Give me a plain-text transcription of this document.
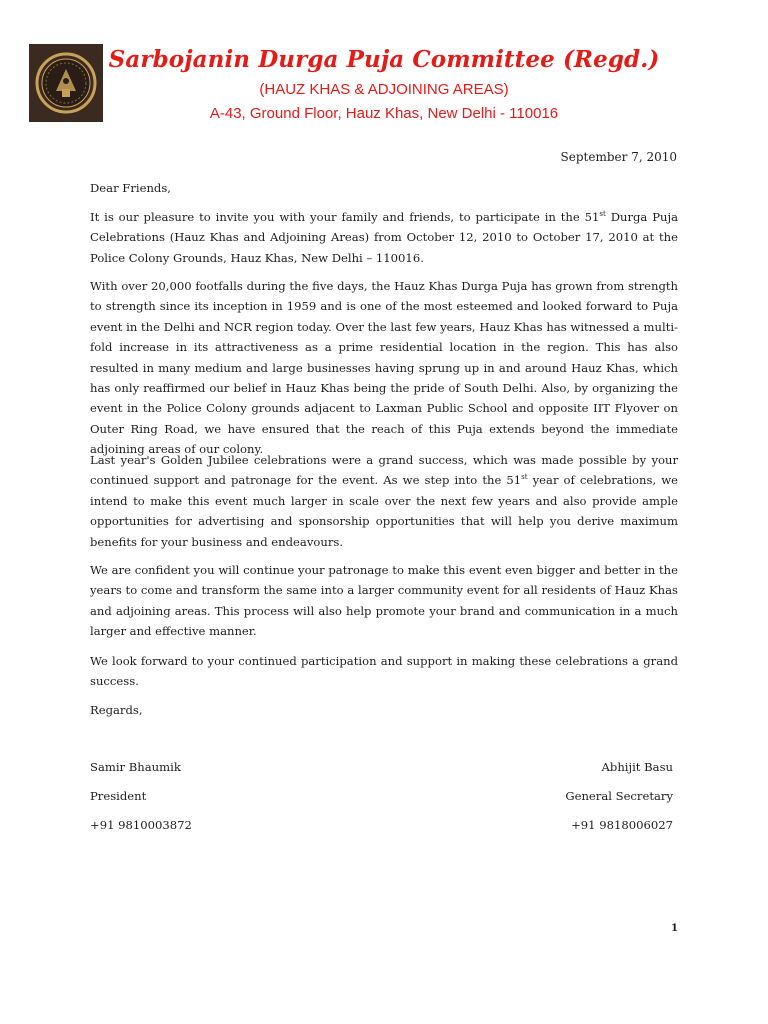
Sarbojanin Durga Puja Committee (Regd.)
(HAUZ KHAS & ADJOINING AREAS)
A-43, Ground Floor, Hauz Khas, New Delhi - 110016
September 7, 2010

Dear Friends,

It is our pleasure to invite you with your family and friends, to participate in the 51st Durga Puja Celebrations (Hauz Khas and Adjoining Areas) from October 12, 2010 to October 17, 2010 at the Police Colony Grounds, Hauz Khas, New Delhi – 110016.

With over 20,000 footfalls during the five days, the Hauz Khas Durga Puja has grown from strength to strength since its inception in 1959 and is one of the most esteemed and looked forward to Puja event in the Delhi and NCR region today. Over the last few years, Hauz Khas has witnessed a multi-fold increase in its attractiveness as a prime residential location in the region. This has also resulted in many medium and large businesses having sprung up in and around Hauz Khas, which has only reaffirmed our belief in Hauz Khas being the pride of South Delhi. Also, by organizing the event in the Police Colony grounds adjacent to Laxman Public School and opposite IIT Flyover on Outer Ring Road, we have ensured that the reach of this Puja extends beyond the immediate adjoining areas of our colony.

Last year's Golden Jubilee celebrations were a grand success, which was made possible by your continued support and patronage for the event. As we step into the 51st year of celebrations, we intend to make this event much larger in scale over the next few years and also provide ample opportunities for advertising and sponsorship opportunities that will help you derive maximum benefits for your business and endeavours.

We are confident you will continue your patronage to make this event even bigger and better in the years to come and transform the same into a larger community event for all residents of Hauz Khas and adjoining areas. This process will also help promote your brand and communication in a much larger and effective manner.

We look forward to your continued participation and support in making these celebrations a grand success.

Regards,

Samir Bhaumik
President
+91 9810003872
Abhijit Basu
General Secretary
+91 9818006027
1
